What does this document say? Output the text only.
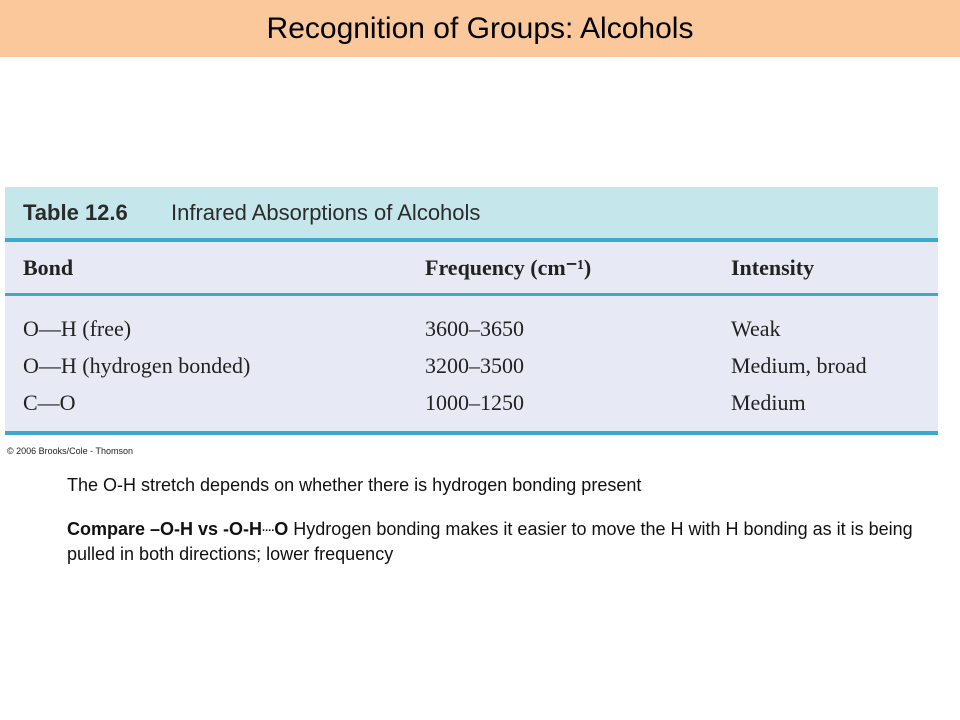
Recognition of Groups: Alcohols
Table 12.6	Infrared Absorptions of Alcohols
Bond	Frequency (cm⁻¹)	Intensity
O—H (free)	3600–3650	Weak
O—H (hydrogen bonded)	3200–3500	Medium, broad
C—O	1000–1250	Medium
© 2006 Brooks/Cole - Thomson
The O-H stretch depends on whether there is hydrogen bonding present
Compare –O-H vs -O-H....O Hydrogen bonding makes it easier to move the H with H bonding as it is being pulled in both directions; lower frequency
